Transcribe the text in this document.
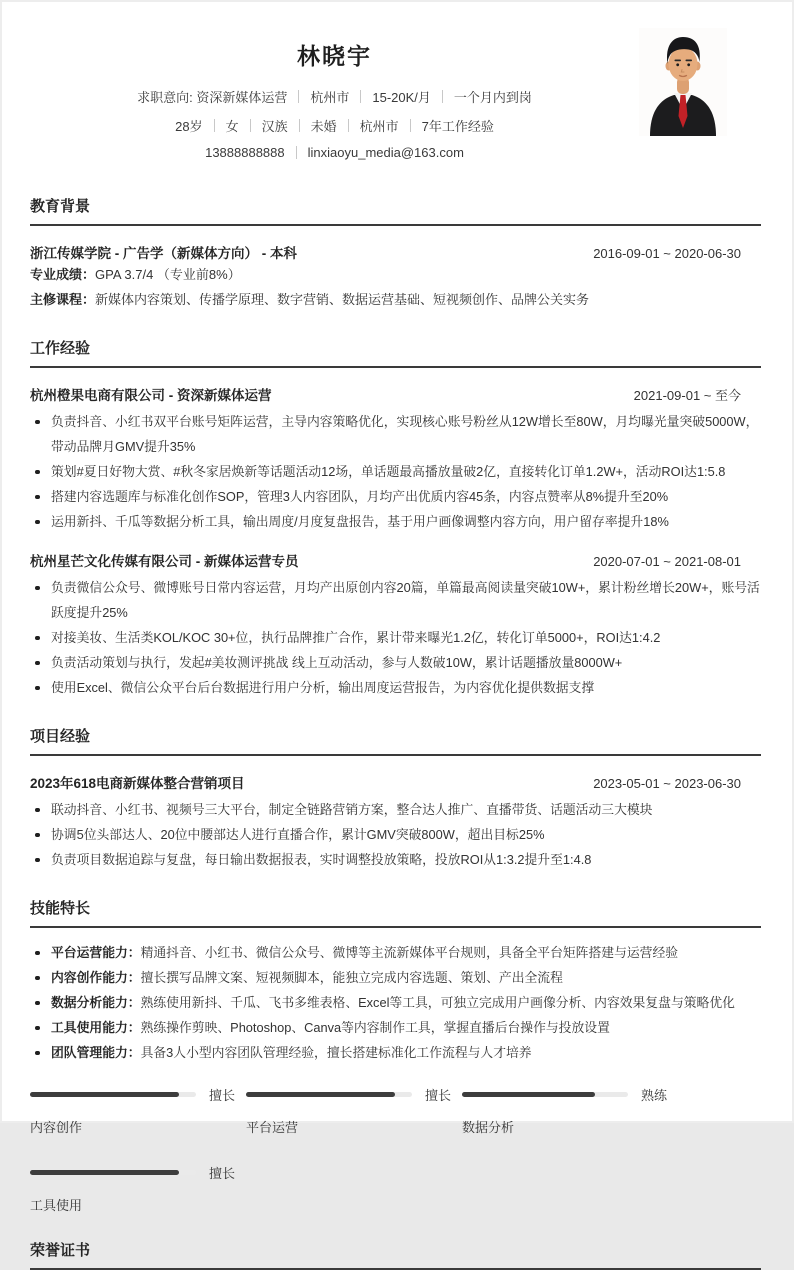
林晓宇
求职意向: 资深新媒体运营	杭州市	15-20K/月	一个月内到岗
28岁	女	汉族	未婚	杭州市	7年工作经验
13888888888	linxiaoyu_media@163.com
教育背景
浙江传媒学院 - 广告学（新媒体方向） - 本科	2016-09-01 ~ 2020-06-30
专业成绩：GPA 3.7/4 （专业前8%）
主修课程：新媒体内容策划、传播学原理、数字营销、数据运营基础、短视频创作、品牌公关实务
工作经验
杭州橙果电商有限公司 - 资深新媒体运营	2021-09-01 ~ 至今
负责抖音、小红书双平台账号矩阵运营，主导内容策略优化，实现核心账号粉丝从12W增长至80W，月均曝光量突破5000W，带动品牌月GMV提升35%
策划#夏日好物大赏、#秋冬家居焕新等话题活动12场，单话题最高播放量破2亿，直接转化订单1.2W+，活动ROI达1:5.8
搭建内容选题库与标准化创作SOP，管理3人内容团队，月均产出优质内容45条，内容点赞率从8%提升至20%
运用新抖、千瓜等数据分析工具，输出周度/月度复盘报告，基于用户画像调整内容方向，用户留存率提升18%
杭州星芒文化传媒有限公司 - 新媒体运营专员	2020-07-01 ~ 2021-08-01
负责微信公众号、微博账号日常内容运营，月均产出原创内容20篇，单篇最高阅读量突破10W+，累计粉丝增长20W+，账号活跃度提升25%
对接美妆、生活类KOL/KOC 30+位，执行品牌推广合作，累计带来曝光1.2亿，转化订单5000+，ROI达1:4.2
负责活动策划与执行，发起#美妆测评挑战 线上互动活动，参与人数破10W，累计话题播放量8000W+
使用Excel、微信公众平台后台数据进行用户分析，输出周度运营报告，为内容优化提供数据支撑
项目经验
2023年618电商新媒体整合营销项目	2023-05-01 ~ 2023-06-30
联动抖音、小红书、视频号三大平台，制定全链路营销方案，整合达人推广、直播带货、话题活动三大模块
协调5位头部达人、20位中腰部达人进行直播合作，累计GMV突破800W，超出目标25%
负责项目数据追踪与复盘，每日输出数据报表，实时调整投放策略，投放ROI从1:3.2提升至1:4.8
技能特长
平台运营能力：精通抖音、小红书、微信公众号、微博等主流新媒体平台规则，具备全平台矩阵搭建与运营经验
内容创作能力：擅长撰写品牌文案、短视频脚本，能独立完成内容选题、策划、产出全流程
数据分析能力：熟练使用新抖、千瓜、飞书多维表格、Excel等工具，可独立完成用户画像分析、内容效果复盘与策略优化
工具使用能力：熟练操作剪映、Photoshop、Canva等内容制作工具，掌握直播后台操作与投放设置
团队管理能力：具备3人小型内容团队管理经验，擅长搭建标准化工作流程与人才培养
擅长
内容创作
擅长
平台运营
熟练
数据分析
擅长
工具使用
荣誉证书
